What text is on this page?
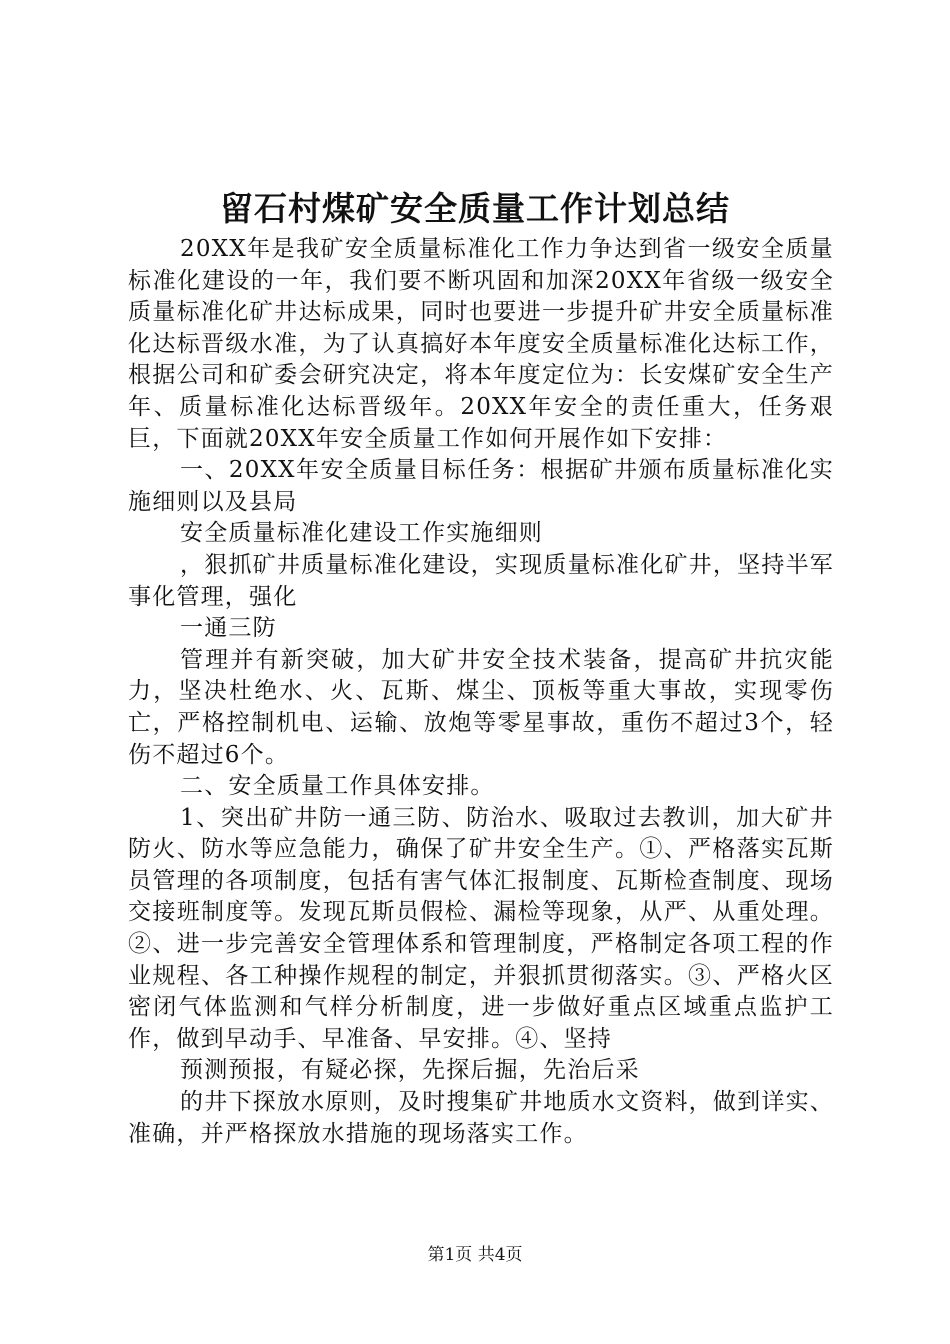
留石村煤矿安全质量工作计划总结

20XX年是我矿安全质量标准化工作力争达到省一级安全质量标准化建设的一年，我们要不断巩固和加深20XX年省级一级安全质量标准化矿井达标成果，同时也要进一步提升矿井安全质量标准化达标晋级水准，为了认真搞好本年度安全质量标准化达标工作，根据公司和矿委会研究决定，将本年度定位为：长安煤矿安全生产年、质量标准化达标晋级年。20XX年安全的责任重大，任务艰巨，下面就20XX年安全质量工作如何开展作如下安排：

一、20XX年安全质量目标任务：根据矿井颁布质量标准化实施细则以及县局

安全质量标准化建设工作实施细则

，狠抓矿井质量标准化建设，实现质量标准化矿井，坚持半军事化管理，强化

一通三防

管理并有新突破，加大矿井安全技术装备，提高矿井抗灾能力，坚决杜绝水、火、瓦斯、煤尘、顶板等重大事故，实现零伤亡，严格控制机电、运输、放炮等零星事故，重伤不超过3个，轻伤不超过6个。

二、安全质量工作具体安排。

1、突出矿井防一通三防、防治水、吸取过去教训，加大矿井防火、防水等应急能力，确保了矿井安全生产。①、严格落实瓦斯员管理的各项制度，包括有害气体汇报制度、瓦斯检查制度、现场交接班制度等。发现瓦斯员假检、漏检等现象，从严、从重处理。②、进一步完善安全管理体系和管理制度，严格制定各项工程的作业规程、各工种操作规程的制定，并狠抓贯彻落实。③、严格火区密闭气体监测和气样分析制度，进一步做好重点区域重点监护工作，做到早动手、早准备、早安排。④、坚持

预测预报，有疑必探，先探后掘，先治后采

的井下探放水原则，及时搜集矿井地质水文资料，做到详实、准确，并严格探放水措施的现场落实工作。

第1页 共4页
